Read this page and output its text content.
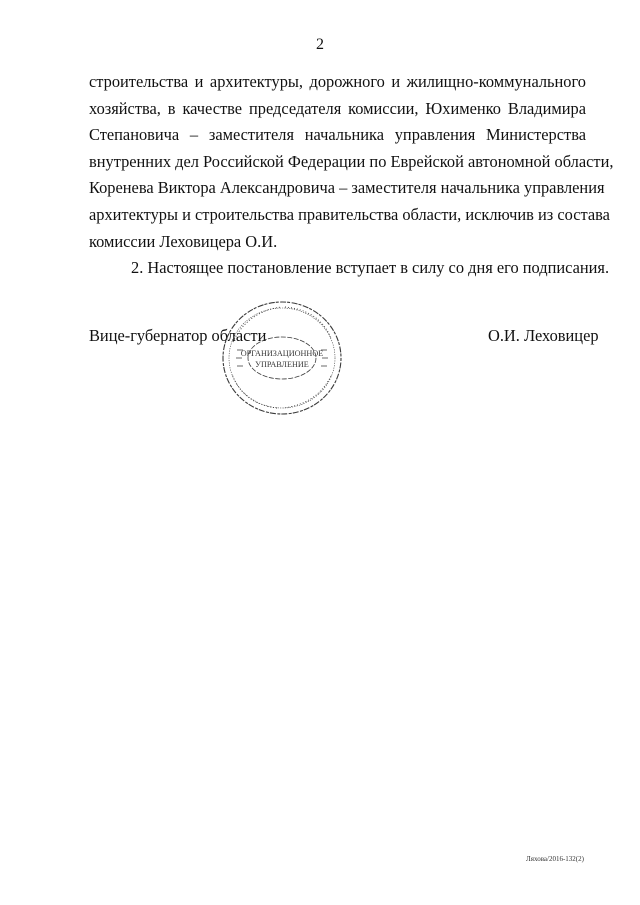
2
строительства и архитектуры, дорожного и жилищно-коммунального
хозяйства, в качестве председателя комиссии, Юхименко Владимира
Степановича – заместителя начальника управления Министерства
внутренних дел Российской Федерации по Еврейской автономной области,
Коренева Виктора Александровича – заместителя начальника управления
архитектуры и строительства правительства области, исключив из состава
комиссии Леховицера О.И.
2. Настоящее постановление вступает в силу со дня его подписания.
Вице-губернатор области
ОРГАНИЗАЦИОННОЕ
УПРАВЛЕНИЕ
О.И. Леховицер
Ляхова/2016-132(2)
